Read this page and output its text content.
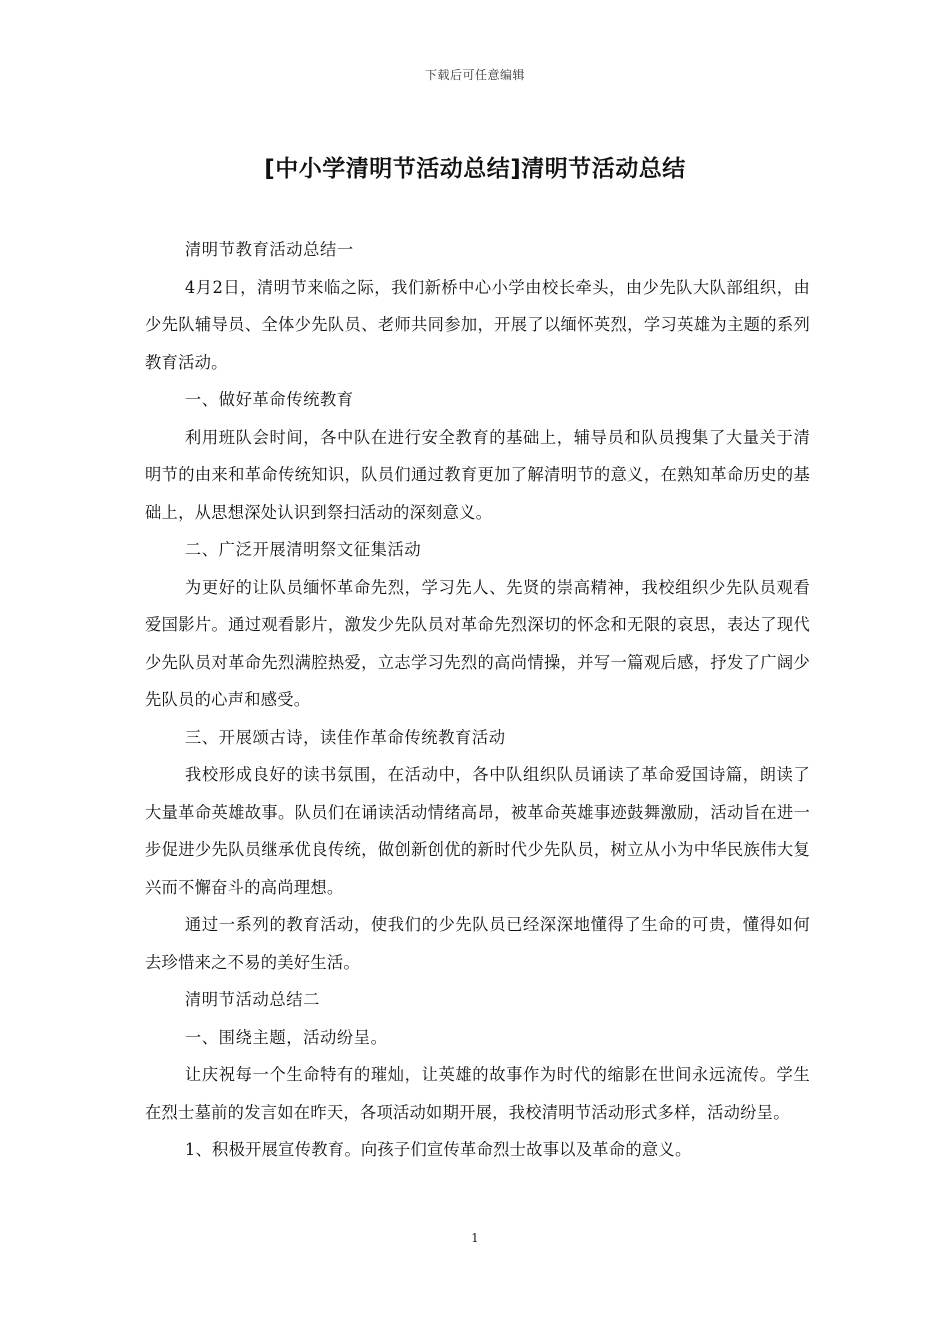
下载后可任意编辑
[中小学清明节活动总结]清明节活动总结

清明节教育活动总结一

4月2日，清明节来临之际，我们新桥中心小学由校长牵头，由少先队大队部组织，由少先队辅导员、全体少先队员、老师共同参加，开展了以缅怀英烈，学习英雄为主题的系列教育活动。

一、做好革命传统教育

利用班队会时间，各中队在进行安全教育的基础上，辅导员和队员搜集了大量关于清明节的由来和革命传统知识，队员们通过教育更加了解清明节的意义，在熟知革命历史的基础上，从思想深处认识到祭扫活动的深刻意义。

二、广泛开展清明祭文征集活动

为更好的让队员缅怀革命先烈，学习先人、先贤的崇高精神，我校组织少先队员观看爱国影片。通过观看影片，激发少先队员对革命先烈深切的怀念和无限的哀思，表达了现代少先队员对革命先烈满腔热爱，立志学习先烈的高尚情操，并写一篇观后感，抒发了广阔少先队员的心声和感受。

三、开展颂古诗，读佳作革命传统教育活动

我校形成良好的读书氛围，在活动中，各中队组织队员诵读了革命爱国诗篇，朗读了大量革命英雄故事。队员们在诵读活动情绪高昂，被革命英雄事迹鼓舞激励，活动旨在进一步促进少先队员继承优良传统，做创新创优的新时代少先队员，树立从小为中华民族伟大复兴而不懈奋斗的高尚理想。

通过一系列的教育活动，使我们的少先队员已经深深地懂得了生命的可贵，懂得如何去珍惜来之不易的美好生活。

清明节活动总结二

一、围绕主题，活动纷呈。

让庆祝每一个生命特有的璀灿，让英雄的故事作为时代的缩影在世间永远流传。学生在烈士墓前的发言如在昨天，各项活动如期开展，我校清明节活动形式多样，活动纷呈。

1、积极开展宣传教育。向孩子们宣传革命烈士故事以及革命的意义。

1
